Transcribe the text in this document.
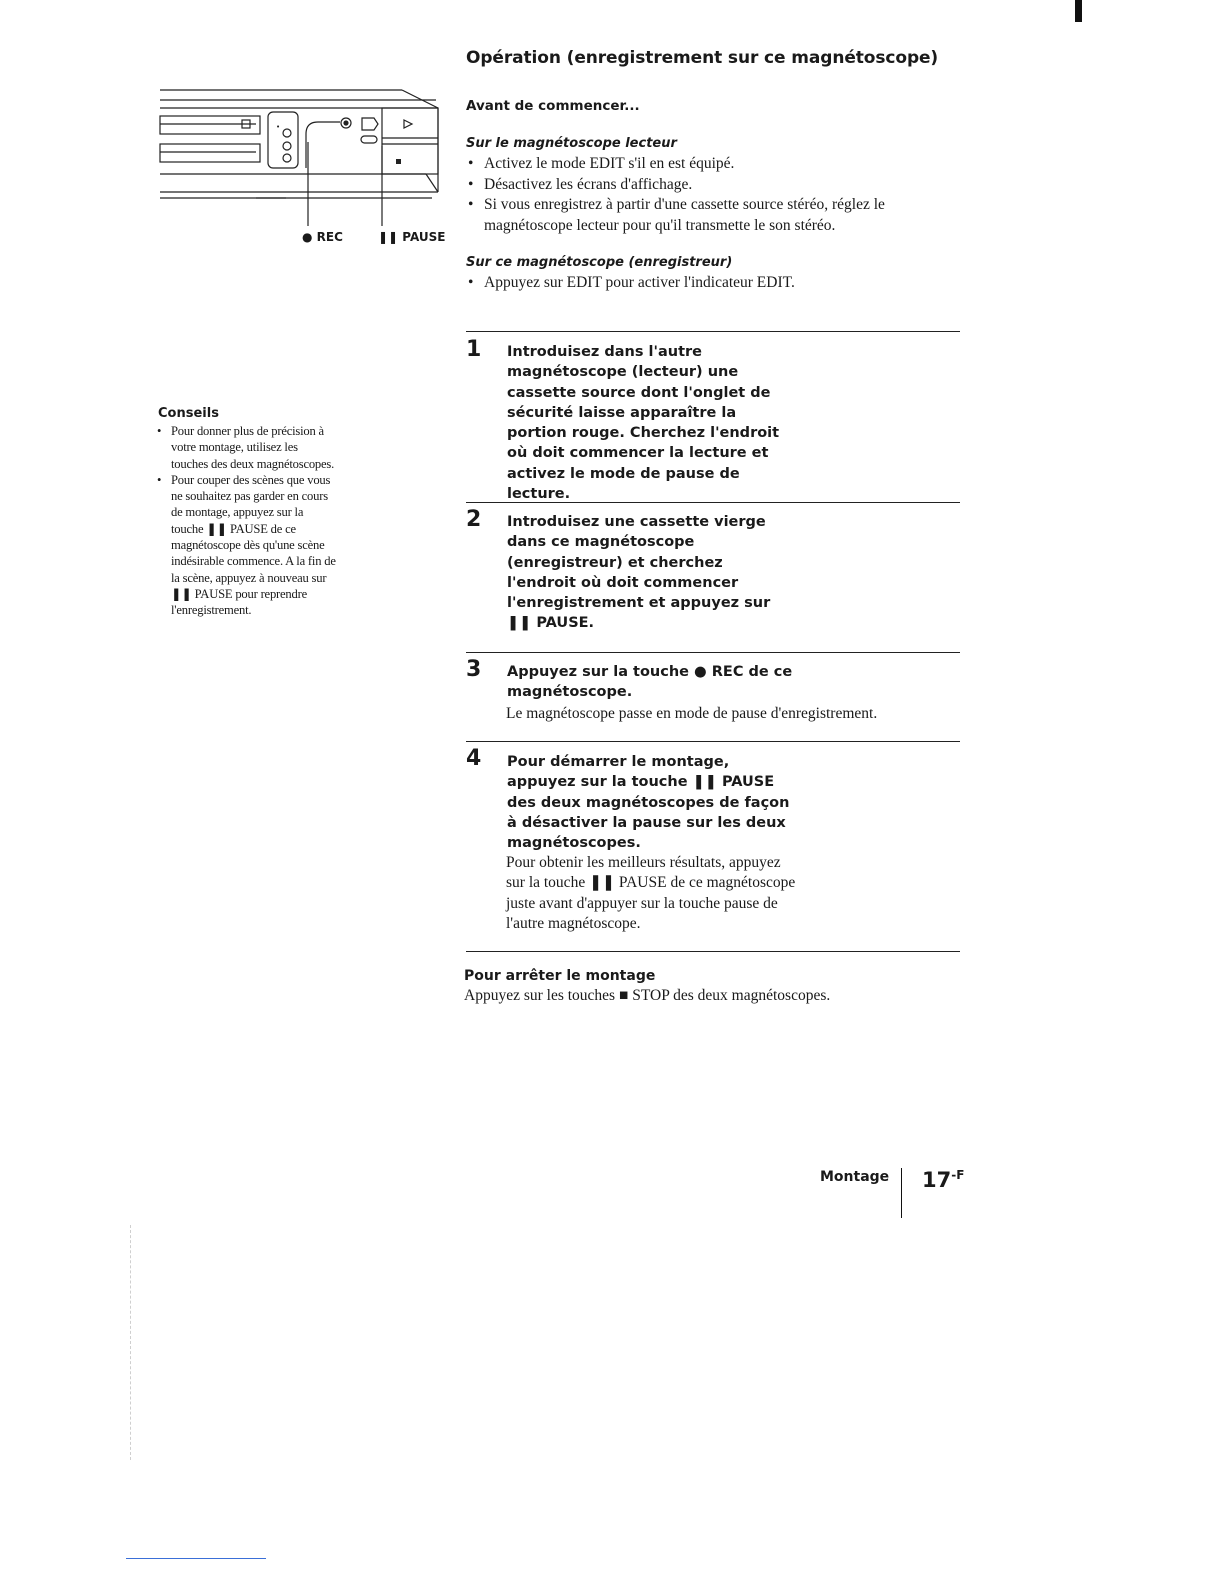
Opération (enregistrement sur ce magnétoscope)
•
● REC	❚❚ PAUSE
Avant de commencer...
Sur le magnétoscope lecteur
• Activez le mode EDIT s'il en est équipé.
• Désactivez les écrans d'affichage.
• Si vous enregistrez à partir d'une cassette source stéréo, réglez le magnétoscope lecteur pour qu'il transmette le son stéréo.
Sur ce magnétoscope (enregistreur)
• Appuyez sur EDIT pour activer l'indicateur EDIT.
1 Introduisez dans l'autre magnétoscope (lecteur) une cassette source dont l'onglet de sécurité laisse apparaître la portion rouge. Cherchez l'endroit où doit commencer la lecture et activez le mode de pause de lecture.

2 Introduisez une cassette vierge dans ce magnétoscope (enregistreur) et cherchez l'endroit où doit commencer l'enregistrement et appuyez sur ❚❚ PAUSE.

3 Appuyez sur la touche ● REC de ce magnétoscope.

Le magnétoscope passe en mode de pause d'enregistrement.

4 Pour démarrer le montage, appuyez sur la touche ❚❚ PAUSE des deux magnétoscopes de façon à désactiver la pause sur les deux magnétoscopes.

Pour obtenir les meilleurs résultats, appuyez sur la touche ❚❚ PAUSE de ce magnétoscope juste avant d'appuyer sur la touche pause de l'autre magnétoscope.

Conseils
• Pour donner plus de précision à votre montage, utilisez les touches des deux magnétoscopes.
• Pour couper des scènes que vous ne souhaitez pas garder en cours de montage, appuyez sur la touche ❚❚ PAUSE de ce magnétoscope dès qu'une scène indésirable commence. A la fin de la scène, appuyez à nouveau sur ❚❚ PAUSE pour reprendre l'enregistrement.
Pour arrêter le montage

Appuyez sur les touches ■ STOP des deux magnétoscopes.

Montage $17^{-F}$
